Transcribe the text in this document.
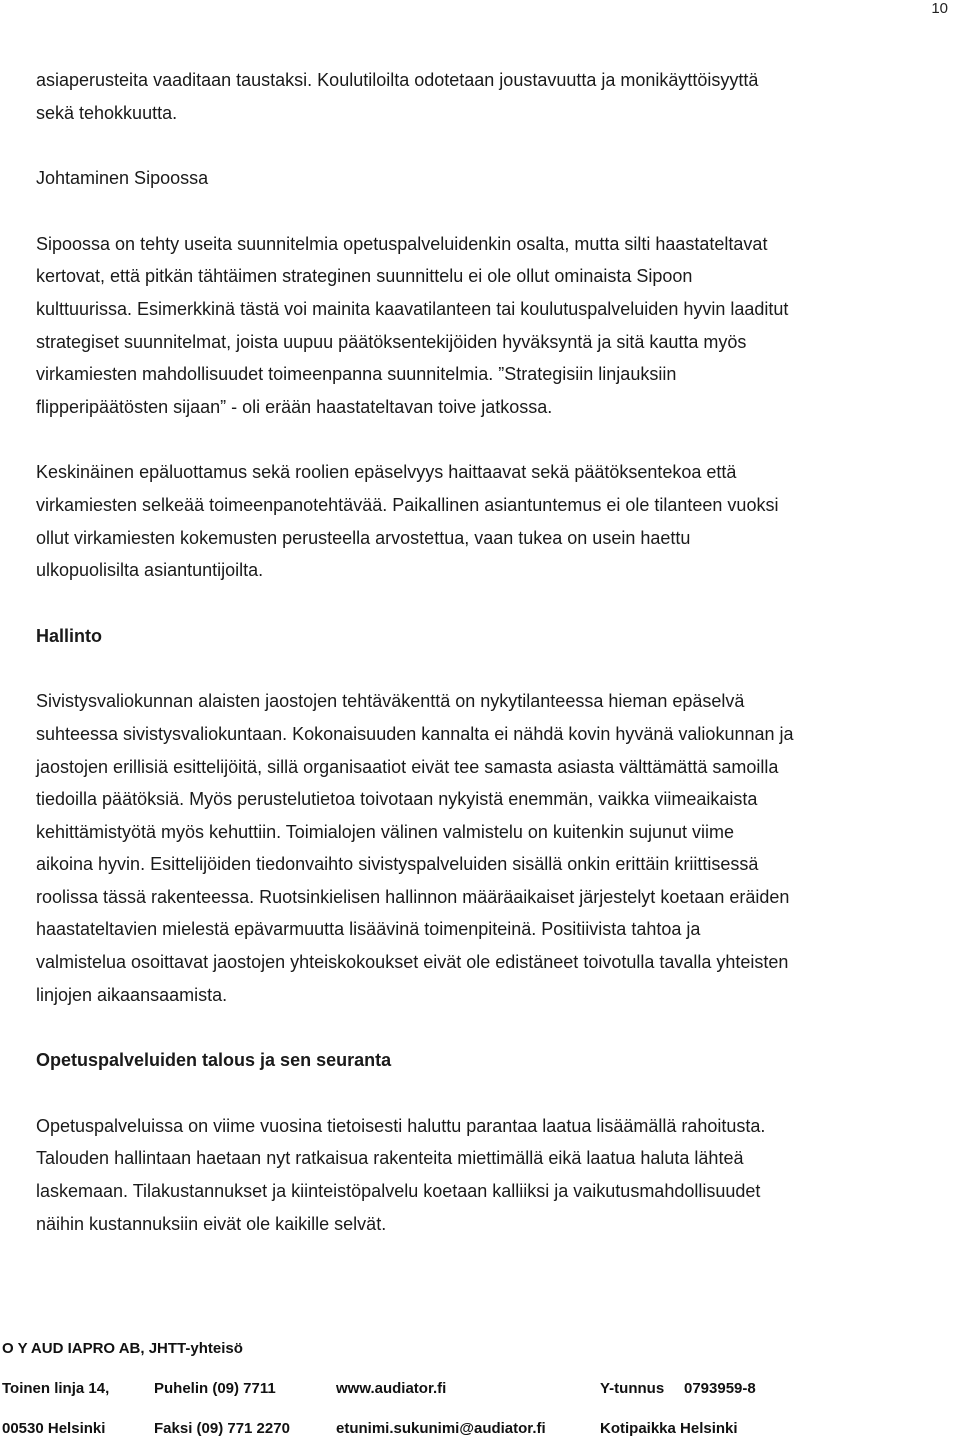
10

asiaperusteita vaaditaan taustaksi. Koulutiloilta odotetaan joustavuutta ja monikäyttöisyyttä
sekä tehokkuutta.

Johtaminen Sipoossa

Sipoossa on tehty useita suunnitelmia opetuspalveluidenkin osalta, mutta silti haastateltavat
kertovat, että pitkän tähtäimen strateginen suunnittelu ei ole ollut ominaista Sipoon
kulttuurissa. Esimerkkinä tästä voi mainita kaavatilanteen tai koulutuspalveluiden hyvin laaditut
strategiset suunnitelmat, joista uupuu päätöksentekijöiden hyväksyntä ja sitä kautta myös
virkamiesten mahdollisuudet toimeenpanna suunnitelmia. ”Strategisiin linjauksiin
flipperipäätösten sijaan” - oli erään haastateltavan toive jatkossa.

Keskinäinen epäluottamus sekä roolien epäselvyys haittaavat sekä päätöksentekoa että
virkamiesten selkeää toimeenpanotehtävää. Paikallinen asiantuntemus ei ole tilanteen vuoksi
ollut virkamiesten kokemusten perusteella arvostettua, vaan tukea on usein haettu
ulkopuolisilta asiantuntijoilta.

Hallinto

Sivistysvaliokunnan alaisten jaostojen tehtäväkenttä on nykytilanteessa hieman epäselvä
suhteessa sivistysvaliokuntaan. Kokonaisuuden kannalta ei nähdä kovin hyvänä valiokunnan ja
jaostojen erillisiä esittelijöitä, sillä organisaatiot eivät tee samasta asiasta välttämättä samoilla
tiedoilla päätöksiä. Myös perustelutietoa toivotaan nykyistä enemmän, vaikka viimeaikaista
kehittämistyötä myös kehuttiin. Toimialojen välinen valmistelu on kuitenkin sujunut viime
aikoina hyvin. Esittelijöiden tiedonvaihto sivistyspalveluiden sisällä onkin erittäin kriittisessä
roolissa tässä rakenteessa. Ruotsinkielisen hallinnon määräaikaiset järjestelyt koetaan eräiden
haastateltavien mielestä epävarmuutta lisäävinä toimenpiteinä. Positiivista tahtoa ja
valmistelua osoittavat jaostojen yhteiskokoukset eivät ole edistäneet toivotulla tavalla yhteisten
linjojen aikaansaamista.

Opetuspalveluiden talous ja sen seuranta

Opetuspalveluissa on viime vuosina tietoisesti haluttu parantaa laatua lisäämällä rahoitusta.
Talouden hallintaan haetaan nyt ratkaisua rakenteita miettimällä eikä laatua haluta lähteä
laskemaan. Tilakustannukset ja kiinteistöpalvelu koetaan kalliiksi ja vaikutusmahdollisuudet
näihin kustannuksiin eivät ole kaikille selvät.

O Y AUD IAPRO AB, JHTT-yhteisö
Toinen linja 14,	Puhelin (09) 7711	www.audiator.fi	Y-tunnus 0793959-8
00530 Helsinki	Faksi (09) 771 2270	etunimi.sukunimi@audiator.fi	Kotipaikka Helsinki
